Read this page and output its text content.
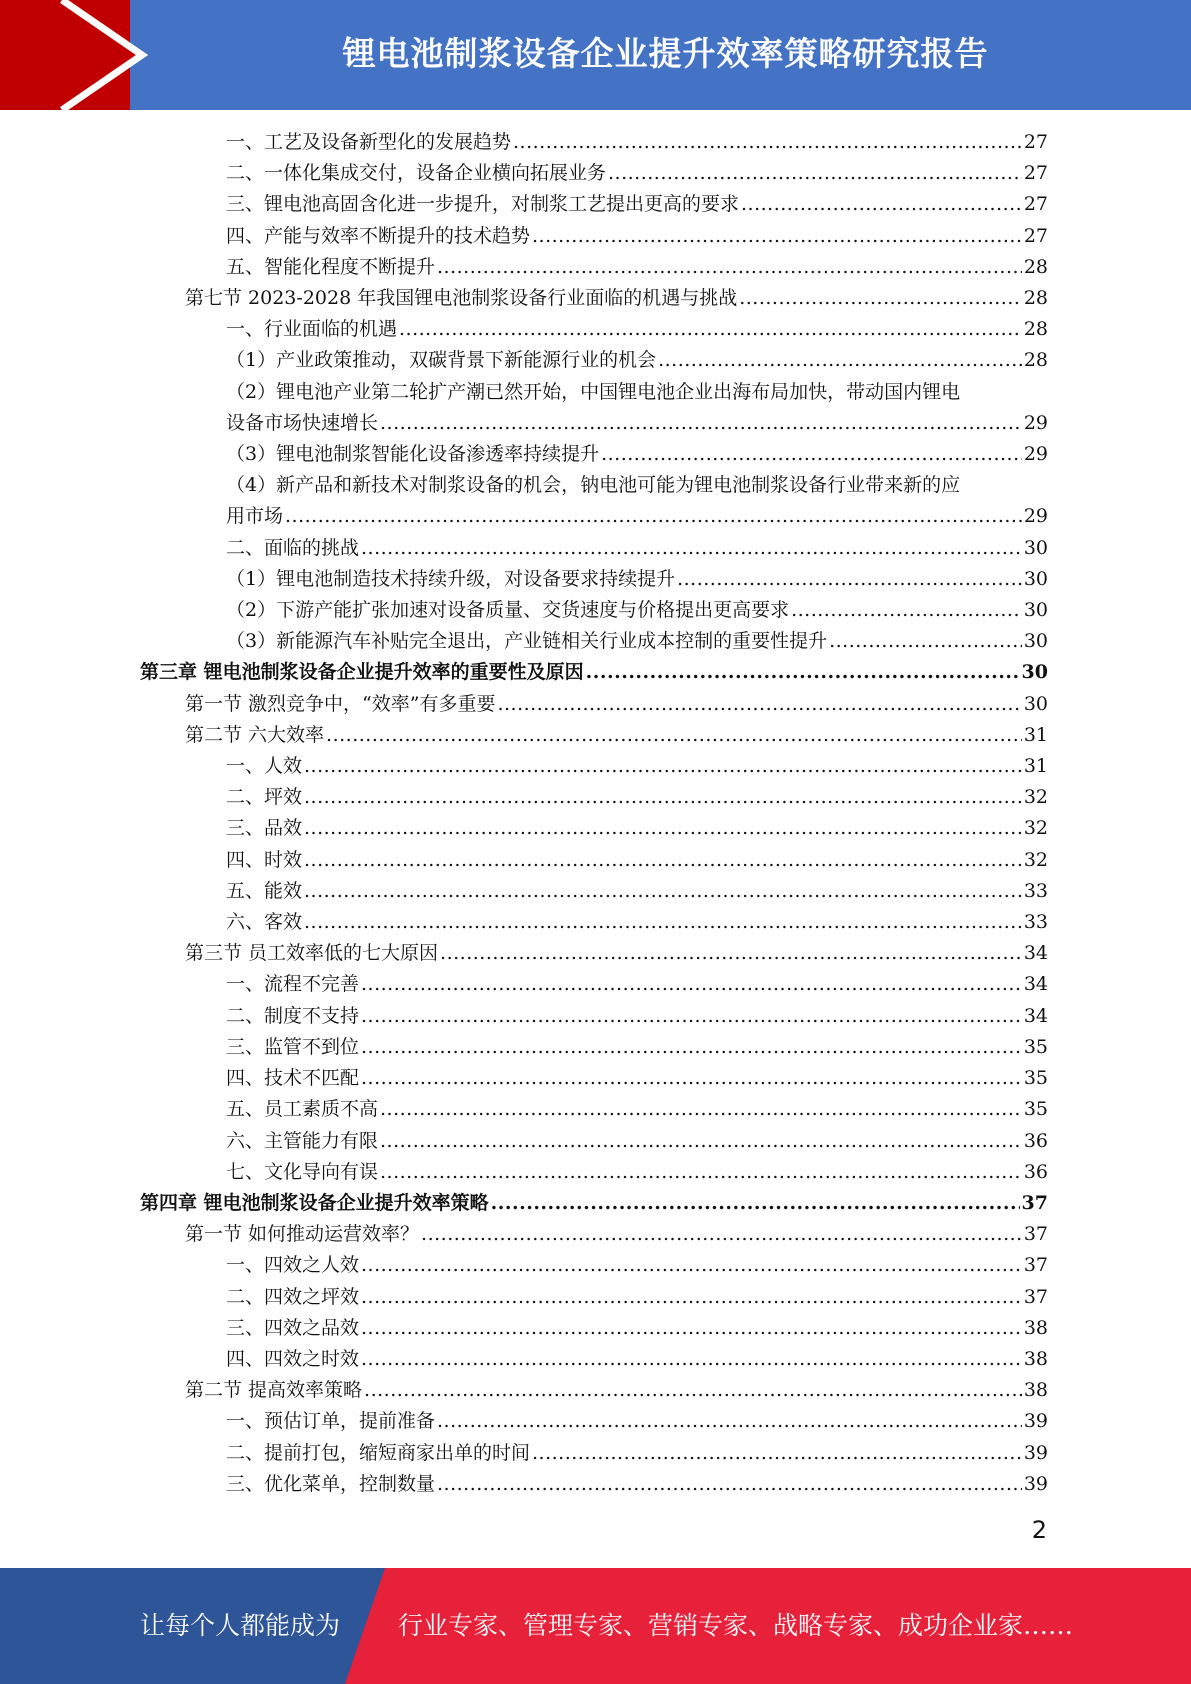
锂电池制浆设备企业提升效率策略研究报告
一、工艺及设备新型化的发展趋势 .....	27
二、一体化集成交付，设备企业横向拓展业务 .....	27
三、锂电池高固含化进一步提升，对制浆工艺提出更高的要求 .....	27
四、产能与效率不断提升的技术趋势 .....	27
五、智能化程度不断提升 .....	28
第七节 2023-2028 年我国锂电池制浆设备行业面临的机遇与挑战 .....	28
一、行业面临的机遇 .....	28
（1）产业政策推动，双碳背景下新能源行业的机会 .....	28
（2）锂电池产业第二轮扩产潮已然开始，中国锂电池企业出海布局加快，带动国内锂电
设备市场快速增长 .....	29
（3）锂电池制浆智能化设备渗透率持续提升 .....	29
（4）新产品和新技术对制浆设备的机会，钠电池可能为锂电池制浆设备行业带来新的应
用市场 .....	29
二、面临的挑战 .....	30
（1）锂电池制造技术持续升级，对设备要求持续提升 .....	30
（2）下游产能扩张加速对设备质量、交货速度与价格提出更高要求 .....	30
（3）新能源汽车补贴完全退出，产业链相关行业成本控制的重要性提升 .....	30
第三章 锂电池制浆设备企业提升效率的重要性及原因 .....	30
第一节 激烈竞争中，“效率”有多重要 .....	30
第二节 六大效率 .....	31
一、人效 .....	31
二、坪效 .....	32
三、品效 .....	32
四、时效 .....	32
五、能效 .....	33
六、客效 .....	33
第三节 员工效率低的七大原因 .....	34
一、流程不完善 .....	34
二、制度不支持 .....	34
三、监管不到位 .....	35
四、技术不匹配 .....	35
五、员工素质不高 .....	35
六、主管能力有限 .....	36
七、文化导向有误 .....	36
第四章 锂电池制浆设备企业提升效率策略 .....	37
第一节 如何推动运营效率？ .....	37
一、四效之人效 .....	37
二、四效之坪效 .....	37
三、四效之品效 .....	38
四、四效之时效 .....	38
第二节 提高效率策略 .....	38
一、预估订单，提前准备 .....	39
二、提前打包，缩短商家出单的时间 .....	39
三、优化菜单，控制数量 .....	39
2
让每个人都能成为 行业专家、管理专家、营销专家、战略专家、成功企业家……
